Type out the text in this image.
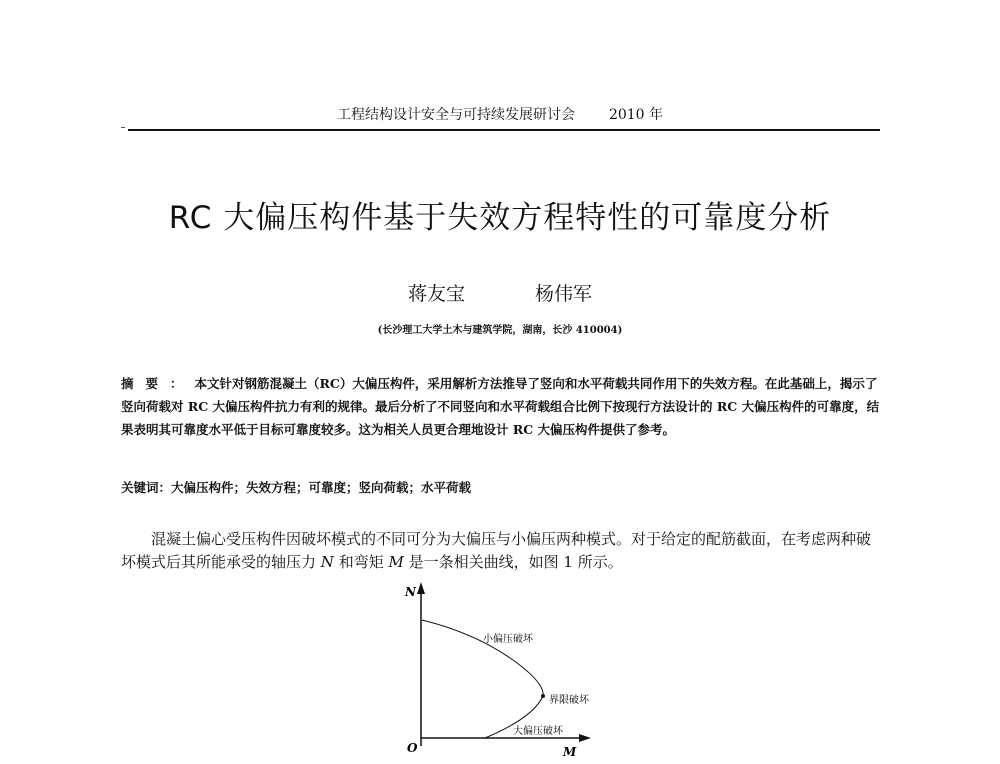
工程结构设计安全与可持续发展研讨会 2010 年
RC 大偏压构件基于失效方程特性的可靠度分析
蒋友宝	杨伟军
(长沙理工大学土木与建筑学院，湖南，长沙 410004)
摘要：本文针对钢筋混凝土（RC）大偏压构件，采用解析方法推导了竖向和水平荷载共同作用下的失效方程。在此基础上，揭示了竖向荷载对 RC 大偏压构件抗力有利的规律。最后分析了不同竖向和水平荷载组合比例下按现行方法设计的 RC 大偏压构件的可靠度，结果表明其可靠度水平低于目标可靠度较多。这为相关人员更合理地设计 RC 大偏压构件提供了参考。
关键词：大偏压构件；失效方程；可靠度；竖向荷载；水平荷载
混凝土偏心受压构件因破坏模式的不同可分为大偏压与小偏压两种模式。对于给定的配筋截面，在考虑两种破坏模式后其所能承受的轴压力 N 和弯矩 M 是一条相关曲线，如图 1 所示。
N
O	M
小偏压破坏
界限破坏
大偏压破坏
